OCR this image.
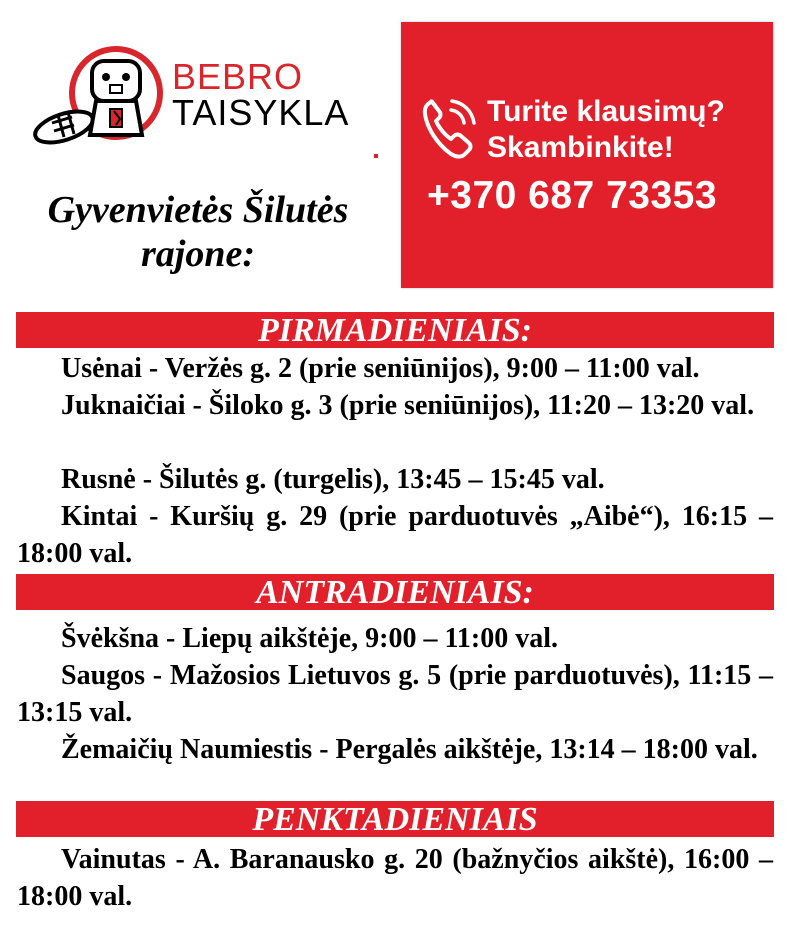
BEBRO
TAISYKLA
Gyvenvietės Šilutės rajone:
Turite klausimų?
Skambinkite!
+370 687 73353
PIRMADIENIAIS:

Usėnai - Veržės g. 2 (prie seniūnijos), 9:00 – 11:00 val.

Juknaičiai - Šiloko g. 3 (prie seniūnijos), 11:20 – 13:20 val.

Rusnė - Šilutės g. (turgelis), 13:45 – 15:45 val.

Kintai - Kuršių g. 29 (prie parduotuvės „Aibė“), 16:15 – 18:00 val.

ANTRADIENIAIS:

Švėkšna - Liepų aikštėje, 9:00 – 11:00 val.

Saugos - Mažosios Lietuvos g. 5 (prie parduotuvės), 11:15 – 13:15 val.

Žemaičių Naumiestis - Pergalės aikštėje, 13:14 – 18:00 val.

PENKTADIENIAIS

Vainutas - A. Baranausko g. 20 (bažnyčios aikštė), 16:00 – 18:00 val.
